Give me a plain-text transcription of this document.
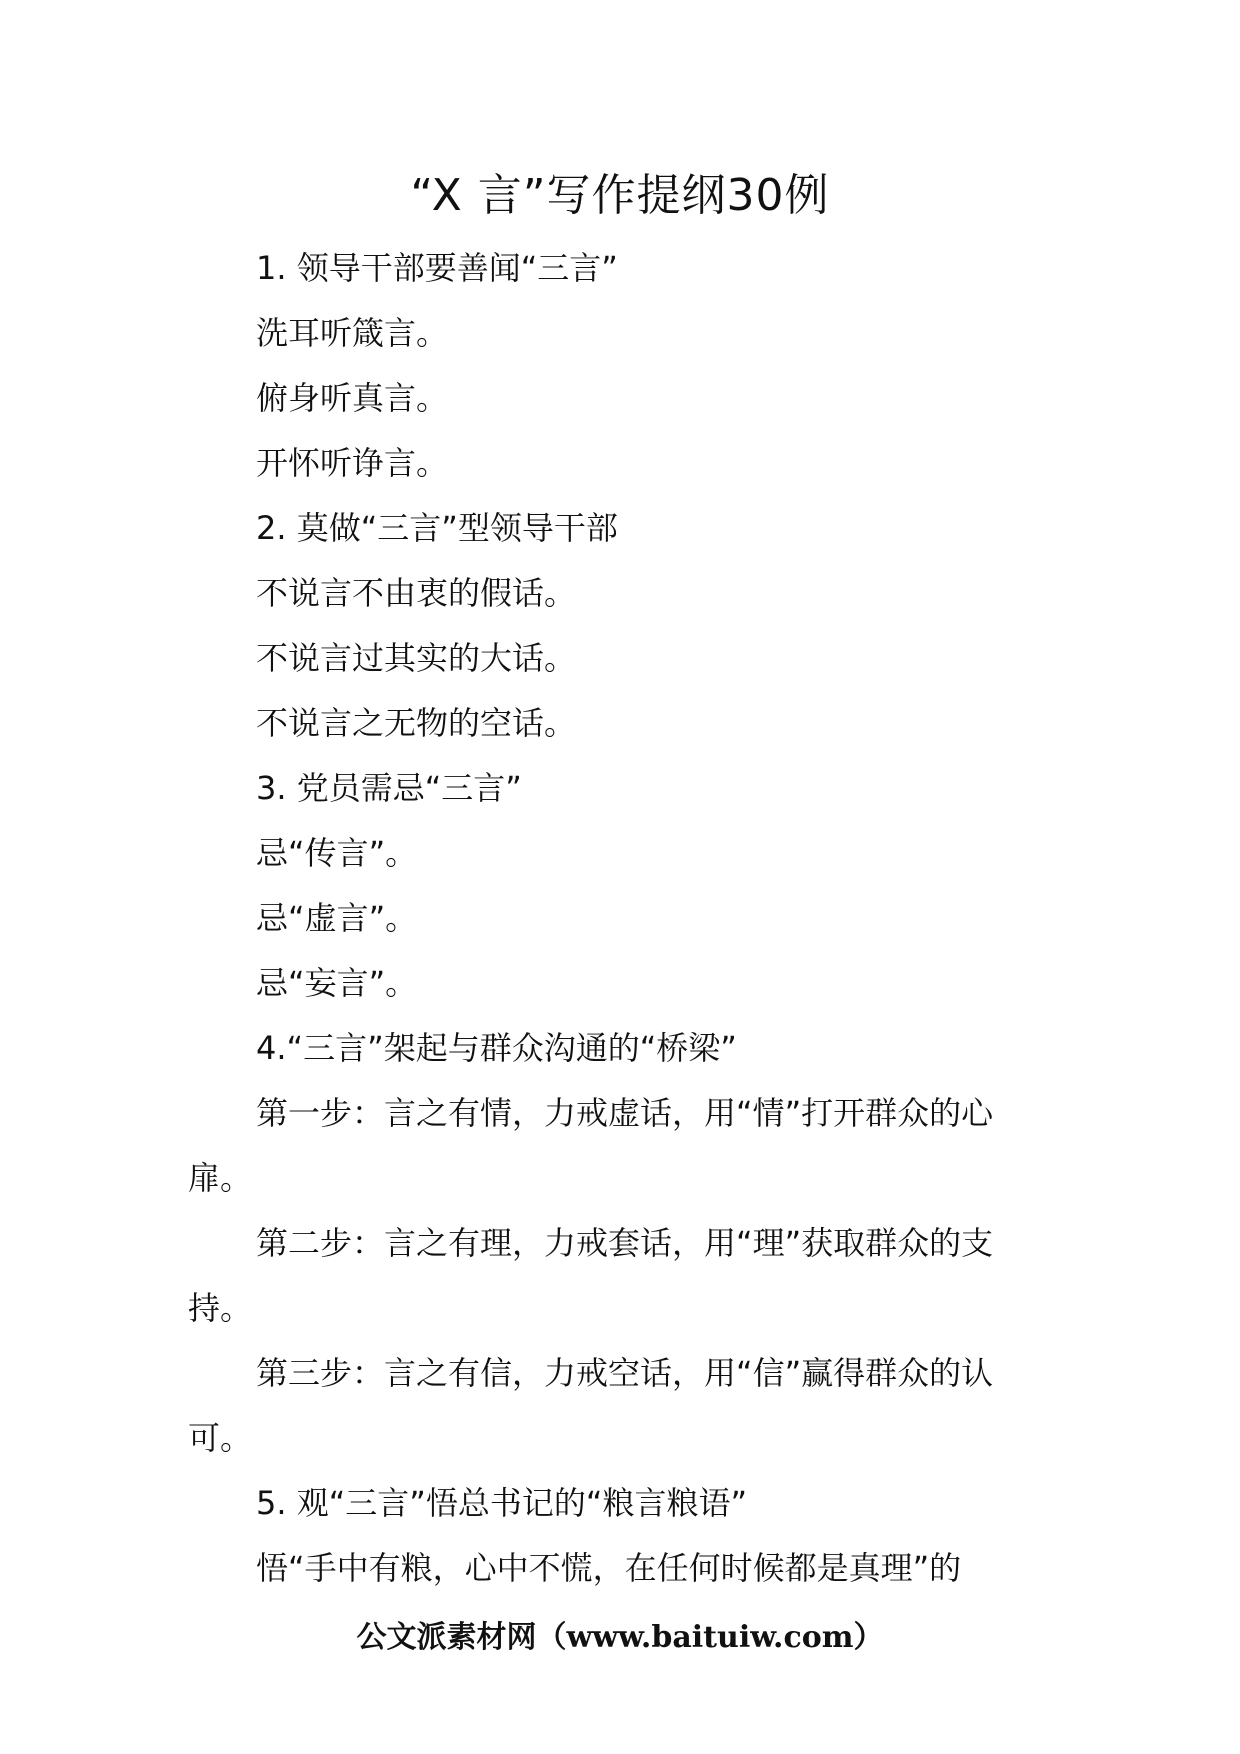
“X 言”写作提纲30例

1. 领导干部要善闻“三言”

洗耳听箴言。

俯身听真言。

开怀听诤言。

2. 莫做“三言”型领导干部

不说言不由衷的假话。

不说言过其实的大话。

不说言之无物的空话。

3. 党员需忌“三言”

忌“传言”。

忌“虚言”。

忌“妄言”。

4.“三言”架起与群众沟通的“桥梁”

第一步：言之有情，力戒虚话，用“情”打开群众的心扉。

第二步：言之有理，力戒套话，用“理”获取群众的支持。

第三步：言之有信，力戒空话，用“信”赢得群众的认可。

5. 观“三言”悟总书记的“粮言粮语”

悟“手中有粮，心中不慌，在任何时候都是真理”的

公文派素材网（www.baituiw.com）
